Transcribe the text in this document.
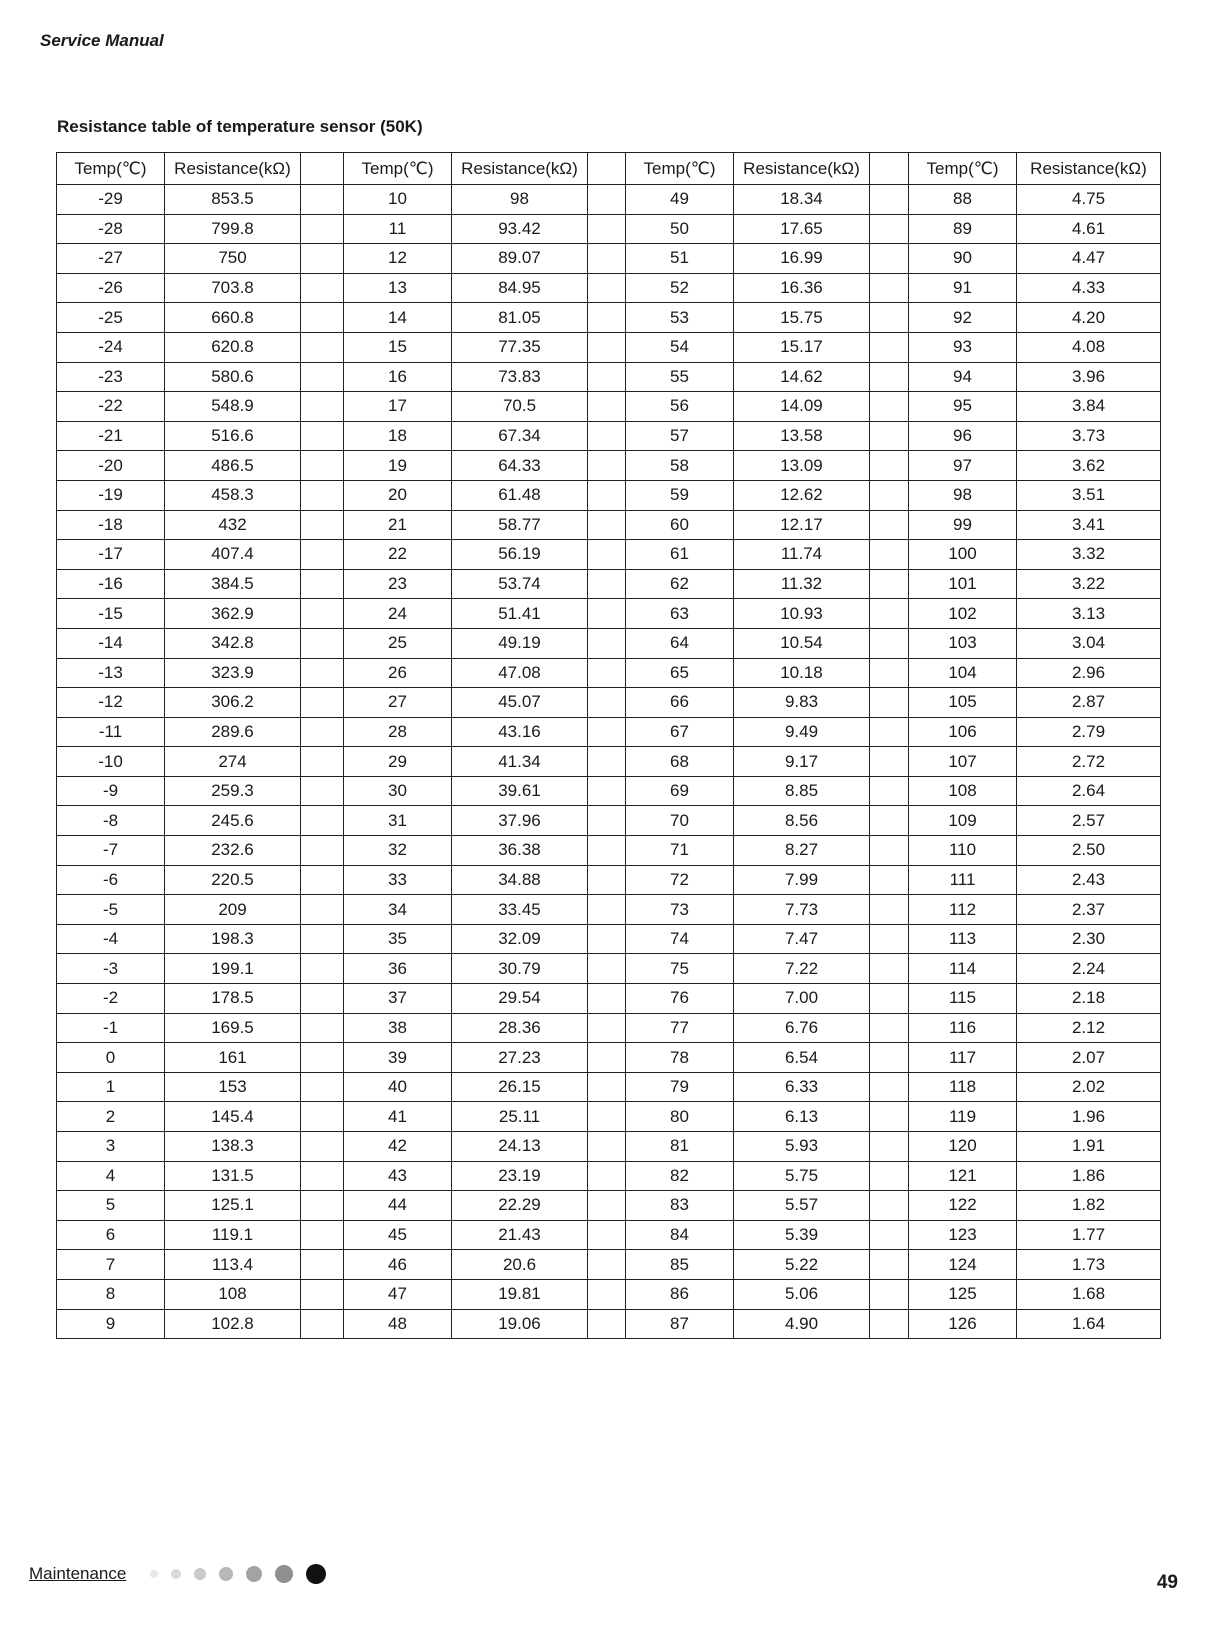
Service Manual
Resistance table of temperature sensor (50K)
Temp(℃)	Resistance(kΩ)		Temp(℃)	Resistance(kΩ)		Temp(℃)	Resistance(kΩ)		Temp(℃)	Resistance(kΩ)
-29	853.5		10	98		49	18.34		88	4.75
-28	799.8		11	93.42		50	17.65		89	4.61
-27	750		12	89.07		51	16.99		90	4.47
-26	703.8		13	84.95		52	16.36		91	4.33
-25	660.8		14	81.05		53	15.75		92	4.20
-24	620.8		15	77.35		54	15.17		93	4.08
-23	580.6		16	73.83		55	14.62		94	3.96
-22	548.9		17	70.5		56	14.09		95	3.84
-21	516.6		18	67.34		57	13.58		96	3.73
-20	486.5		19	64.33		58	13.09		97	3.62
-19	458.3		20	61.48		59	12.62		98	3.51
-18	432		21	58.77		60	12.17		99	3.41
-17	407.4		22	56.19		61	11.74		100	3.32
-16	384.5		23	53.74		62	11.32		101	3.22
-15	362.9		24	51.41		63	10.93		102	3.13
-14	342.8		25	49.19		64	10.54		103	3.04
-13	323.9		26	47.08		65	10.18		104	2.96
-12	306.2		27	45.07		66	9.83		105	2.87
-11	289.6		28	43.16		67	9.49		106	2.79
-10	274		29	41.34		68	9.17		107	2.72
-9	259.3		30	39.61		69	8.85		108	2.64
-8	245.6		31	37.96		70	8.56		109	2.57
-7	232.6		32	36.38		71	8.27		110	2.50
-6	220.5		33	34.88		72	7.99		111	2.43
-5	209		34	33.45		73	7.73		112	2.37
-4	198.3		35	32.09		74	7.47		113	2.30
-3	199.1		36	30.79		75	7.22		114	2.24
-2	178.5		37	29.54		76	7.00		115	2.18
-1	169.5		38	28.36		77	6.76		116	2.12
0	161		39	27.23		78	6.54		117	2.07
1	153		40	26.15		79	6.33		118	2.02
2	145.4		41	25.11		80	6.13		119	1.96
3	138.3		42	24.13		81	5.93		120	1.91
4	131.5		43	23.19		82	5.75		121	1.86
5	125.1		44	22.29		83	5.57		122	1.82
6	119.1		45	21.43		84	5.39		123	1.77
7	113.4		46	20.6		85	5.22		124	1.73
8	108		47	19.81		86	5.06		125	1.68
9	102.8		48	19.06		87	4.90		126	1.64
Maintenance	49
